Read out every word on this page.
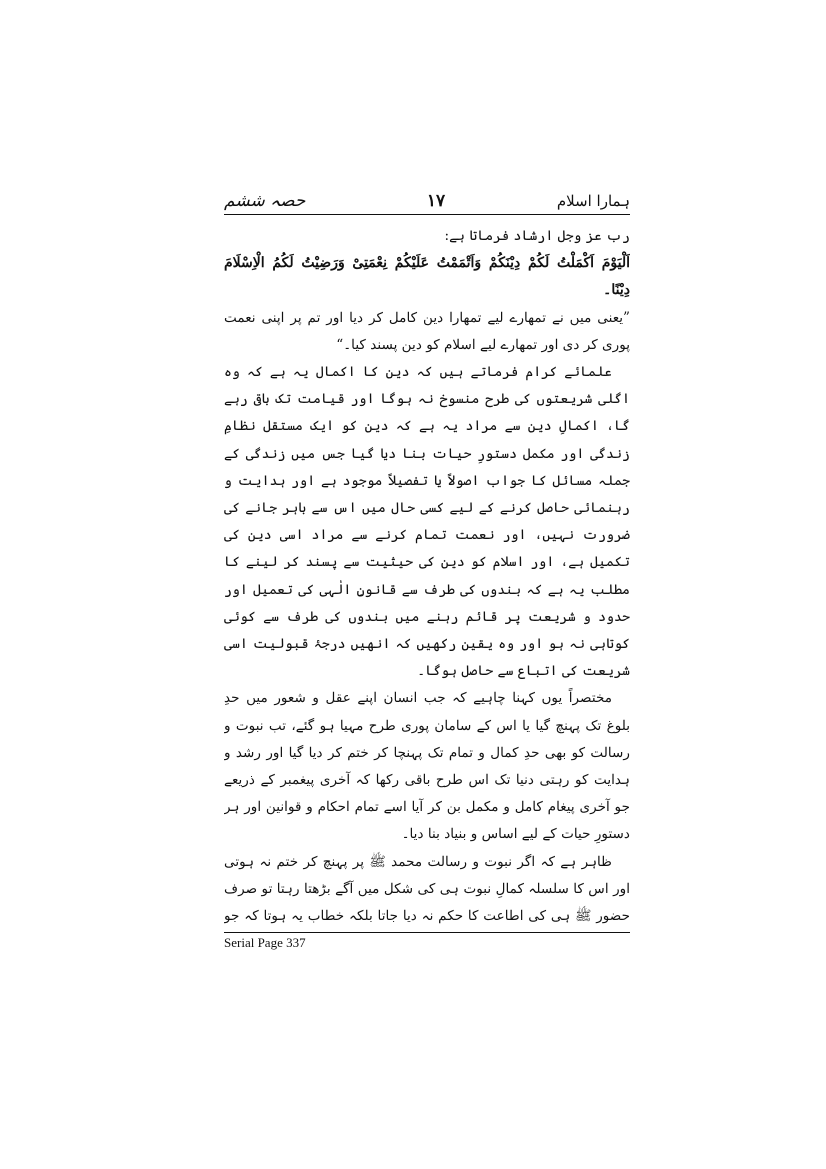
حصہ ششم	۱۷	ہمارا اسلام

رب عز وجل ارشاد فرماتا ہے:

اَلْیَوْمَ اَکْمَلْتُ لَکُمْ دِیْنَکُمْ وَاَتْمَمْتُ عَلَیْکُمْ نِعْمَتِیْ وَرَضِیْتُ لَکُمُ الْاِسْلَامَ دِیْنًا۔

”یعنی میں نے تمھارے لیے تمھارا دین کامل کر دیا اور تم پر اپنی نعمت پوری کر دی اور تمھارے لیے اسلام کو دین پسند کیا۔“

علمائے کرام فرماتے ہیں کہ دین کا اکمال یہ ہے کہ وہ اگلی شریعتوں کی طرح منسوخ نہ ہوگا اور قیامت تک باقی رہے گا، اکمالِ دین سے مراد یہ ہے کہ دین کو ایک مستقل نظامِ زندگی اور مکمل دستورِ حیات بنا دیا گیا جس میں زندگی کے جملہ مسائل کا جواب اصولاً یا تفصیلاً موجود ہے اور ہدایت و رہنمائی حاصل کرنے کے لیے کسی حال میں اس سے باہر جانے کی ضرورت نہیں، اور نعمت تمام کرنے سے مراد اسی دین کی تکمیل ہے، اور اسلام کو دین کی حیثیت سے پسند کر لینے کا مطلب یہ ہے کہ بندوں کی طرف سے قانونِ الٰہی کی تعمیل اور حدود و شریعت پر قائم رہنے میں بندوں کی طرف سے کوئی کوتاہی نہ ہو اور وہ یقین رکھیں کہ انھیں درجۂ قبولیت اسی شریعت کی اتباع سے حاصل ہوگا۔

مختصراً یوں کہنا چاہیے کہ جب انسان اپنے عقل و شعور میں حدِ بلوغ تک پہنچ گیا یا اس کے سامان پوری طرح مہیا ہو گئے، تب نبوت و رسالت کو بھی حدِ کمال و تمام تک پہنچا کر ختم کر دیا گیا اور رشد و ہدایت کو رہتی دنیا تک اس طرح باقی رکھا کہ آخری پیغمبر کے ذریعے جو آخری پیغام کامل و مکمل بن کر آیا اسے تمام احکام و قوانین اور ہر دستورِ حیات کے لیے اساس و بنیاد بنا دیا۔

ظاہر ہے کہ اگر نبوت و رسالت محمد ﷺ پر پہنچ کر ختم نہ ہوتی اور اس کا سلسلہ کمالِ نبوت ہی کی شکل میں آگے بڑھتا رہتا تو صرف حضور ﷺ ہی کی اطاعت کا حکم نہ دیا جاتا بلکہ خطاب یہ ہوتا کہ جو

Serial Page 337
